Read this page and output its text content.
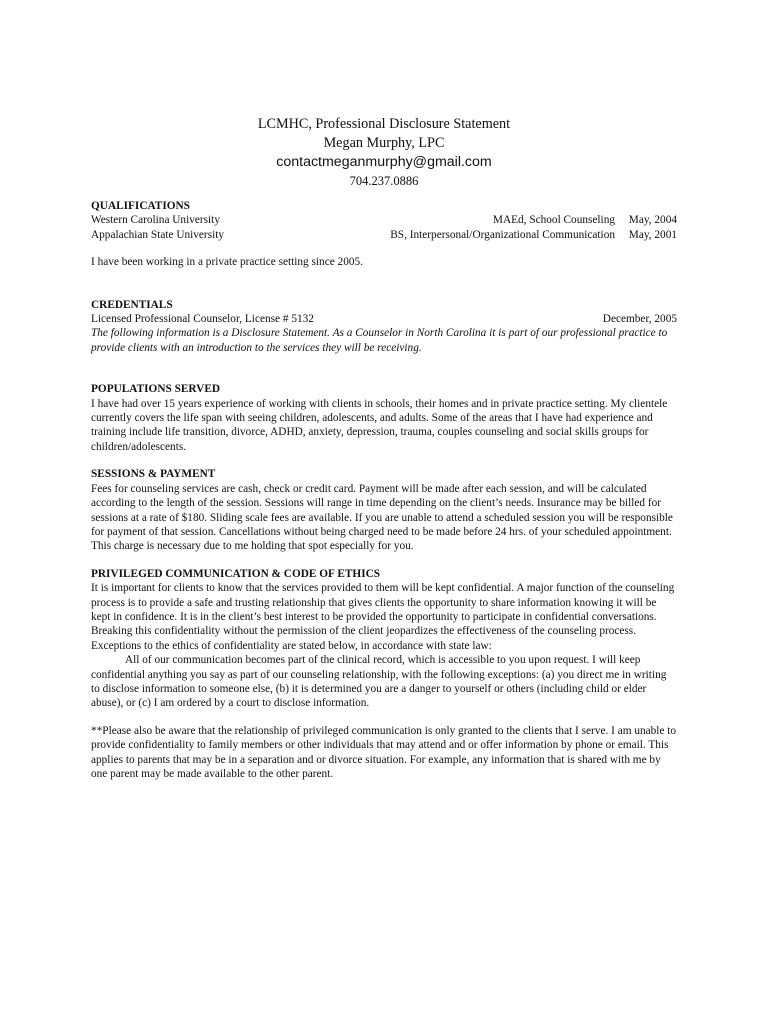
LCMHC, Professional Disclosure Statement
Megan Murphy, LPC
contactmeganmurphy@gmail.com
704.237.0886
QUALIFICATIONS
Western Carolina University	MAEd, School Counseling	May, 2004
Appalachian State University	BS, Interpersonal/Organizational Communication	May, 2001
I have been working in a private practice setting since 2005.
CREDENTIALS
Licensed Professional Counselor, License # 5132	December, 2005

The following information is a Disclosure Statement. As a Counselor in North Carolina it is part of our professional practice to provide clients with an introduction to the services they will be receiving.

POPULATIONS SERVED

I have had over 15 years experience of working with clients in schools, their homes and in private practice setting. My clientele currently covers the life span with seeing children, adolescents, and adults. Some of the areas that I have had experience and training include life transition, divorce, ADHD, anxiety, depression, trauma, couples counseling and social skills groups for children/adolescents.

SESSIONS & PAYMENT

Fees for counseling services are cash, check or credit card. Payment will be made after each session, and will be calculated according to the length of the session. Sessions will range in time depending on the client’s needs. Insurance may be billed for sessions at a rate of $180. Sliding scale fees are available. If you are unable to attend a scheduled session you will be responsible for payment of that session. Cancellations without being charged need to be made before 24 hrs. of your scheduled appointment. This charge is necessary due to me holding that spot especially for you.

PRIVILEGED COMMUNICATION & CODE OF ETHICS

It is important for clients to know that the services provided to them will be kept confidential. A major function of the counseling process is to provide a safe and trusting relationship that gives clients the opportunity to share information knowing it will be kept in confidence. It is in the client’s best interest to be provided the opportunity to participate in confidential conversations. Breaking this confidentiality without the permission of the client jeopardizes the effectiveness of the counseling process. Exceptions to the ethics of confidentiality are stated below, in accordance with state law:

All of our communication becomes part of the clinical record, which is accessible to you upon request. I will keep confidential anything you say as part of our counseling relationship, with the following exceptions: (a) you direct me in writing to disclose information to someone else, (b) it is determined you are a danger to yourself or others (including child or elder abuse), or (c) I am ordered by a court to disclose information.

**Please also be aware that the relationship of privileged communication is only granted to the clients that I serve. I am unable to provide confidentiality to family members or other individuals that may attend and or offer information by phone or email. This applies to parents that may be in a separation and or divorce situation. For example, any information that is shared with me by one parent may be made available to the other parent.
